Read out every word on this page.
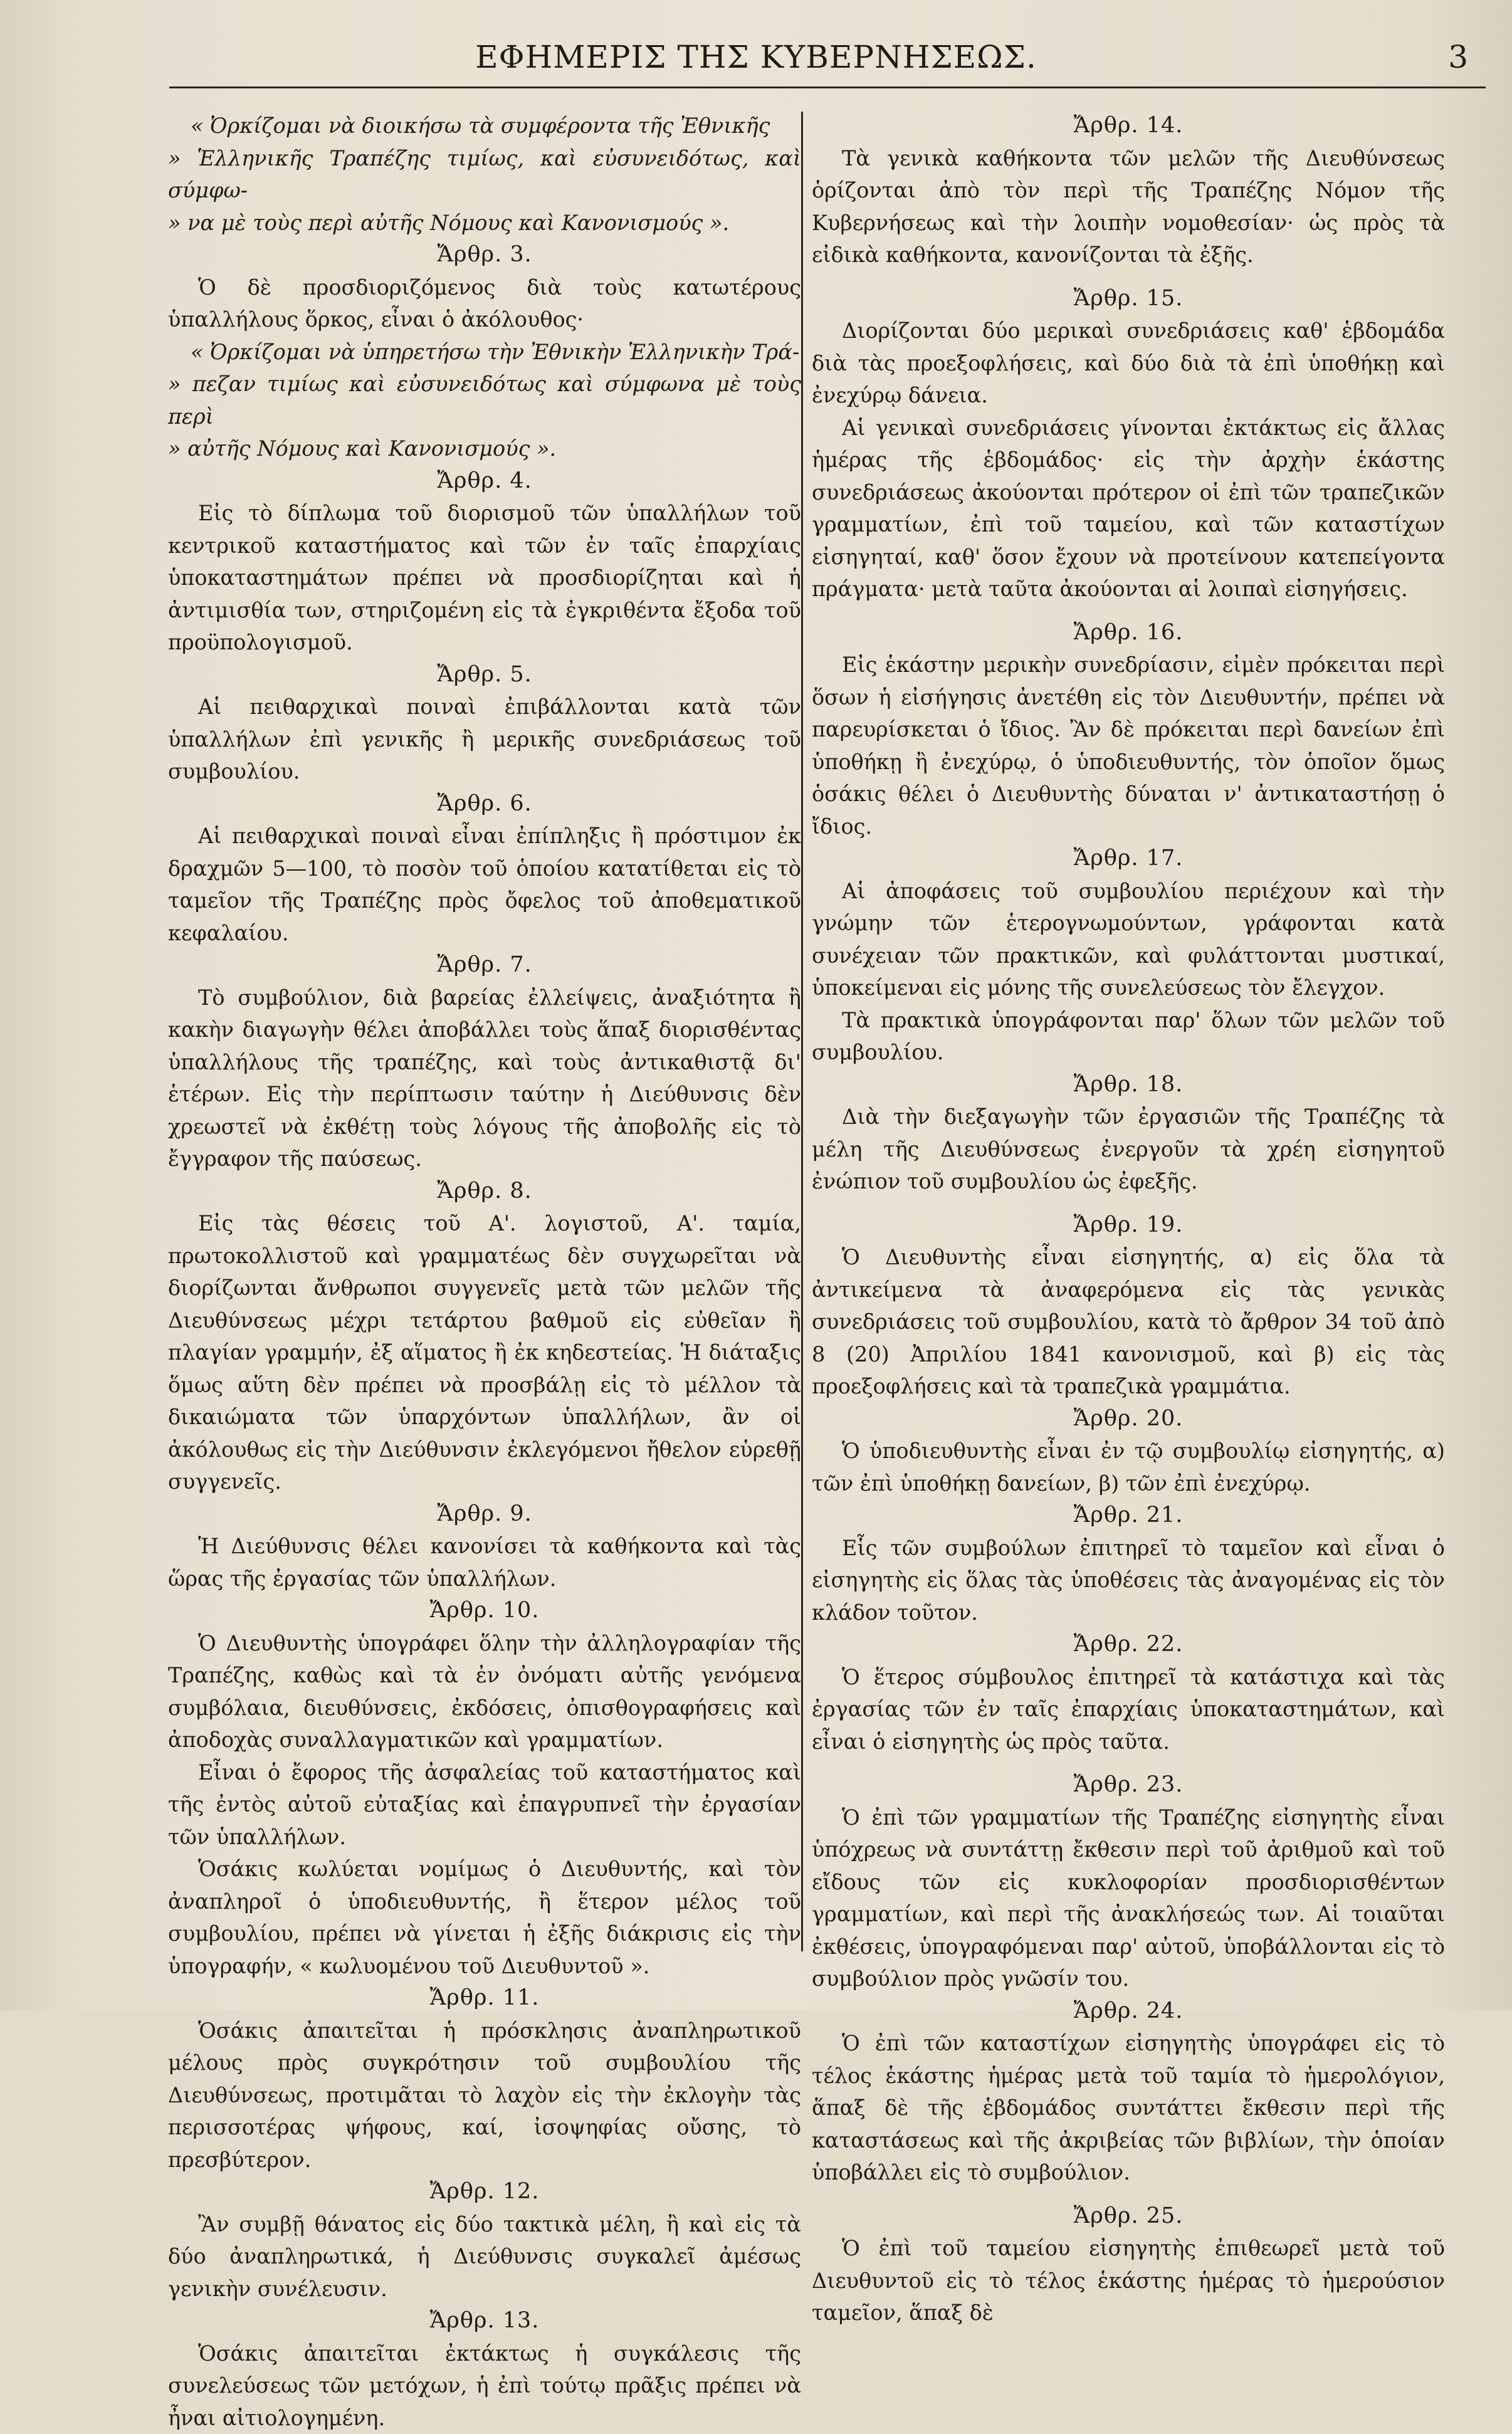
ΕΦΗΜΕΡΙΣ ΤΗΣ ΚΥΒΕΡΝΗΣΕΩΣ.	3

« Ὀρκίζομαι νὰ διοικήσω τὰ συμφέροντα τῆς Ἐθνικῆς

» Ἑλληνικῆς Τραπέζης τιμίως, καὶ εὐσυνειδότως, καὶ σύμφω-

» να μὲ τοὺς περὶ αὐτῆς Νόμους καὶ Κανονισμούς ».

Ἄρθρ. 3.

Ὁ δὲ προσδιοριζόμενος διὰ τοὺς κατωτέρους ὑπαλλήλους ὅρκος, εἶναι ὁ ἀκόλουθος·

« Ὀρκίζομαι νὰ ὑπηρετήσω τὴν Ἐθνικὴν Ἑλληνικὴν Τρά-

» πεζαν τιμίως καὶ εὐσυνειδότως καὶ σύμφωνα μὲ τοὺς περὶ

» αὐτῆς Νόμους καὶ Κανονισμούς ».

Ἄρθρ. 4.

Εἰς τὸ δίπλωμα τοῦ διορισμοῦ τῶν ὑπαλλήλων τοῦ κεντρικοῦ καταστήματος καὶ τῶν ἐν ταῖς ἐπαρχίαις ὑποκαταστημάτων πρέπει νὰ προσδιορίζηται καὶ ἡ ἀντιμισθία των, στηριζομένη εἰς τὰ ἐγκριθέντα ἔξοδα τοῦ προϋπολογισμοῦ.

Ἄρθρ. 5.

Αἱ πειθαρχικαὶ ποιναὶ ἐπιβάλλονται κατὰ τῶν ὑπαλλήλων ἐπὶ γενικῆς ἢ μερικῆς συνεδριάσεως τοῦ συμβουλίου.

Ἄρθρ. 6.

Αἱ πειθαρχικαὶ ποιναὶ εἶναι ἐπίπληξις ἢ πρόστιμον ἐκ δραχμῶν 5—100, τὸ ποσὸν τοῦ ὁποίου κατατίθεται εἰς τὸ ταμεῖον τῆς Τραπέζης πρὸς ὄφελος τοῦ ἀποθεματικοῦ κεφαλαίου.

Ἄρθρ. 7.

Τὸ συμβούλιον, διὰ βαρείας ἐλλείψεις, ἀναξιότητα ἢ κακὴν διαγωγὴν θέλει ἀποβάλλει τοὺς ἅπαξ διορισθέντας ὑπαλλήλους τῆς τραπέζης, καὶ τοὺς ἀντικαθιστᾷ δι' ἑτέρων. Εἰς τὴν περίπτωσιν ταύτην ἡ Διεύθυνσις δὲν χρεωστεῖ νὰ ἐκθέτῃ τοὺς λόγους τῆς ἀποβολῆς εἰς τὸ ἔγγραφον τῆς παύσεως.

Ἄρθρ. 8.

Εἰς τὰς θέσεις τοῦ Α'. λογιστοῦ, Α'. ταμία, πρωτοκολλιστοῦ καὶ γραμματέως δὲν συγχωρεῖται νὰ διορίζωνται ἄνθρωποι συγγενεῖς μετὰ τῶν μελῶν τῆς Διευθύνσεως μέχρι τετάρτου βαθμοῦ εἰς εὐθεῖαν ἢ πλαγίαν γραμμήν, ἐξ αἵματος ἢ ἐκ κηδεστείας. Ἡ διάταξις ὅμως αὕτη δὲν πρέπει νὰ προσβάλῃ εἰς τὸ μέλλον τὰ δικαιώματα τῶν ὑπαρχόντων ὑπαλλήλων, ἂν οἱ ἀκόλουθως εἰς τὴν Διεύθυνσιν ἐκλεγόμενοι ἤθελον εὑρεθῇ συγγενεῖς.

Ἄρθρ. 9.

Ἡ Διεύθυνσις θέλει κανονίσει τὰ καθήκοντα καὶ τὰς ὥρας τῆς ἐργασίας τῶν ὑπαλλήλων.

Ἄρθρ. 10.

Ὁ Διευθυντὴς ὑπογράφει ὅλην τὴν ἀλληλογραφίαν τῆς Τραπέζης, καθὼς καὶ τὰ ἐν ὀνόματι αὐτῆς γενόμενα συμβόλαια, διευθύνσεις, ἐκδόσεις, ὀπισθογραφήσεις καὶ ἀποδοχὰς συναλλαγματικῶν καὶ γραμματίων.

Εἶναι ὁ ἔφορος τῆς ἀσφαλείας τοῦ καταστήματος καὶ τῆς ἐντὸς αὐτοῦ εὐταξίας καὶ ἐπαγρυπνεῖ τὴν ἐργασίαν τῶν ὑπαλλήλων.

Ὁσάκις κωλύεται νομίμως ὁ Διευθυντής, καὶ τὸν ἀναπληροῖ ὁ ὑποδιευθυντής, ἢ ἕτερον μέλος τοῦ συμβουλίου, πρέπει νὰ γίνεται ἡ ἐξῆς διάκρισις εἰς τὴν ὑπογραφήν, « κωλυομένου τοῦ Διευθυντοῦ ».

Ἄρθρ. 11.

Ὁσάκις ἀπαιτεῖται ἡ πρόσκλησις ἀναπληρωτικοῦ μέλους πρὸς συγκρότησιν τοῦ συμβουλίου τῆς Διευθύνσεως, προτιμᾶται τὸ λαχὸν εἰς τὴν ἐκλογὴν τὰς περισσοτέρας ψήφους, καί, ἰσοψηφίας οὔσης, τὸ πρεσβύτερον.

Ἄρθρ. 12.

Ἂν συμβῇ θάνατος εἰς δύο τακτικὰ μέλη, ἢ καὶ εἰς τὰ δύο ἀναπληρωτικά, ἡ Διεύθυνσις συγκαλεῖ ἀμέσως γενικὴν συνέλευσιν.

Ἄρθρ. 13.

Ὁσάκις ἀπαιτεῖται ἐκτάκτως ἡ συγκάλεσις τῆς συνελεύσεως τῶν μετόχων, ἡ ἐπὶ τούτῳ πρᾶξις πρέπει νὰ ἦναι αἰτιολογημένη.

Ἄρθρ. 14.

Τὰ γενικὰ καθήκοντα τῶν μελῶν τῆς Διευθύνσεως ὁρίζονται ἀπὸ τὸν περὶ τῆς Τραπέζης Νόμον τῆς Κυβερνήσεως καὶ τὴν λοιπὴν νομοθεσίαν· ὡς πρὸς τὰ εἰδικὰ καθήκοντα, κανονίζονται τὰ ἐξῆς.

Ἄρθρ. 15.

Διορίζονται δύο μερικαὶ συνεδριάσεις καθ' ἑβδομάδα διὰ τὰς προεξοφλήσεις, καὶ δύο διὰ τὰ ἐπὶ ὑποθήκῃ καὶ ἐνεχύρῳ δάνεια.

Αἱ γενικαὶ συνεδριάσεις γίνονται ἐκτάκτως εἰς ἄλλας ἡμέρας τῆς ἑβδομάδος· εἰς τὴν ἀρχὴν ἑκάστης συνεδριάσεως ἀκούονται πρότερον οἱ ἐπὶ τῶν τραπεζικῶν γραμματίων, ἐπὶ τοῦ ταμείου, καὶ τῶν καταστίχων εἰσηγηταί, καθ' ὅσον ἔχουν νὰ προτείνουν κατεπείγοντα πράγματα· μετὰ ταῦτα ἀκούονται αἱ λοιπαὶ εἰσηγήσεις.

Ἄρθρ. 16.

Εἰς ἑκάστην μερικὴν συνεδρίασιν, εἰμὲν πρόκειται περὶ ὅσων ἡ εἰσήγησις ἀνετέθη εἰς τὸν Διευθυντήν, πρέπει νὰ παρευρίσκεται ὁ ἴδιος. Ἂν δὲ πρόκειται περὶ δανείων ἐπὶ ὑποθήκῃ ἢ ἐνεχύρῳ, ὁ ὑποδιευθυντής, τὸν ὁποῖον ὅμως ὁσάκις θέλει ὁ Διευθυντὴς δύναται ν' ἀντικαταστήσῃ ὁ ἴδιος.

Ἄρθρ. 17.

Αἱ ἀποφάσεις τοῦ συμβουλίου περιέχουν καὶ τὴν γνώμην τῶν ἑτερογνωμούντων, γράφονται κατὰ συνέχειαν τῶν πρακτικῶν, καὶ φυλάττονται μυστικαί, ὑποκείμεναι εἰς μόνης τῆς συνελεύσεως τὸν ἔλεγχον.

Τὰ πρακτικὰ ὑπογράφονται παρ' ὅλων τῶν μελῶν τοῦ συμβουλίου.

Ἄρθρ. 18.

Διὰ τὴν διεξαγωγὴν τῶν ἐργασιῶν τῆς Τραπέζης τὰ μέλη τῆς Διευθύνσεως ἐνεργοῦν τὰ χρέη εἰσηγητοῦ ἐνώπιον τοῦ συμβουλίου ὡς ἐφεξῆς.

Ἄρθρ. 19.

Ὁ Διευθυντὴς εἶναι εἰσηγητής, α) εἰς ὅλα τὰ ἀντικείμενα τὰ ἀναφερόμενα εἰς τὰς γενικὰς συνεδριάσεις τοῦ συμβουλίου, κατὰ τὸ ἄρθρον 34 τοῦ ἀπὸ 8 (20) Ἀπριλίου 1841 κανονισμοῦ, καὶ β) εἰς τὰς προεξοφλήσεις καὶ τὰ τραπεζικὰ γραμμάτια.

Ἄρθρ. 20.

Ὁ ὑποδιευθυντὴς εἶναι ἐν τῷ συμβουλίῳ εἰσηγητής, α) τῶν ἐπὶ ὑποθήκῃ δανείων, β) τῶν ἐπὶ ἐνεχύρῳ.

Ἄρθρ. 21.

Εἷς τῶν συμβούλων ἐπιτηρεῖ τὸ ταμεῖον καὶ εἶναι ὁ εἰσηγητὴς εἰς ὅλας τὰς ὑποθέσεις τὰς ἀναγομένας εἰς τὸν κλάδον τοῦτον.

Ἄρθρ. 22.

Ὁ ἕτερος σύμβουλος ἐπιτηρεῖ τὰ κατάστιχα καὶ τὰς ἐργασίας τῶν ἐν ταῖς ἐπαρχίαις ὑποκαταστημάτων, καὶ εἶναι ὁ εἰσηγητὴς ὡς πρὸς ταῦτα.

Ἄρθρ. 23.

Ὁ ἐπὶ τῶν γραμματίων τῆς Τραπέζης εἰσηγητὴς εἶναι ὑπόχρεως νὰ συντάττῃ ἔκθεσιν περὶ τοῦ ἀριθμοῦ καὶ τοῦ εἴδους τῶν εἰς κυκλοφορίαν προσδιορισθέντων γραμματίων, καὶ περὶ τῆς ἀνακλήσεώς των. Αἱ τοιαῦται ἐκθέσεις, ὑπογραφόμεναι παρ' αὐτοῦ, ὑποβάλλονται εἰς τὸ συμβούλιον πρὸς γνῶσίν του.

Ἄρθρ. 24.

Ὁ ἐπὶ τῶν καταστίχων εἰσηγητὴς ὑπογράφει εἰς τὸ τέλος ἑκάστης ἡμέρας μετὰ τοῦ ταμία τὸ ἡμερολόγιον, ἅπαξ δὲ τῆς ἑβδομάδος συντάττει ἔκθεσιν περὶ τῆς καταστάσεως καὶ τῆς ἀκριβείας τῶν βιβλίων, τὴν ὁποίαν ὑποβάλλει εἰς τὸ συμβούλιον.

Ἄρθρ. 25.

Ὁ ἐπὶ τοῦ ταμείου εἰσηγητὴς ἐπιθεωρεῖ μετὰ τοῦ Διευθυντοῦ εἰς τὸ τέλος ἑκάστης ἡμέρας τὸ ἡμερούσιον ταμεῖον, ἅπαξ δὲ
